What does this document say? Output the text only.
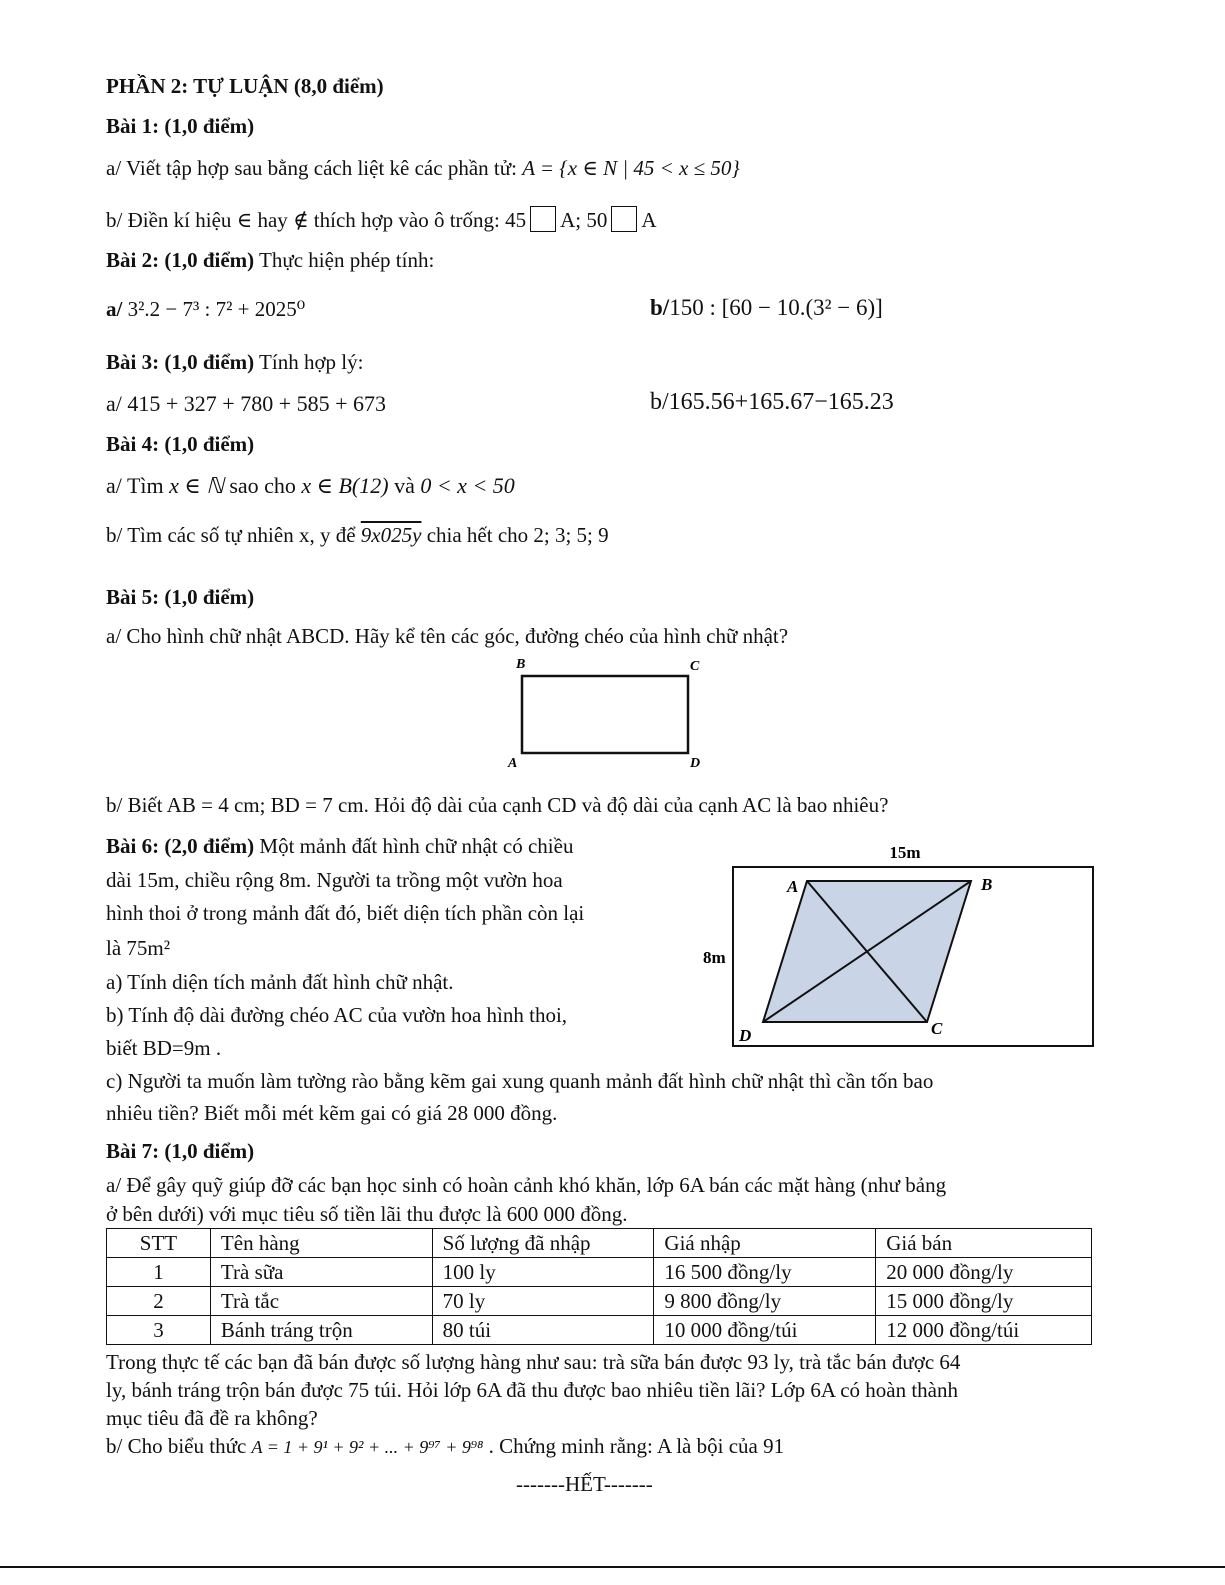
PHẦN 2: TỰ LUẬN (8,0 điểm)
Bài 1: (1,0 điểm)
a/ Viết tập hợp sau bằng cách liệt kê các phần tử: A = {x ∈ N | 45 < x ≤ 50}
b/ Điền kí hiệu ∈ hay ∉ thích hợp vào ô trống: 45 A; 50 A
Bài 2: (1,0 điểm) Thực hiện phép tính:
a/ 3².2 − 7³ : 7² + 2025⁰	b/150 : [60 − 10.(3² − 6)]
Bài 3: (1,0 điểm) Tính hợp lý:
a/ 415 + 327 + 780 + 585 + 673	b/165.56+165.67−165.23
Bài 4: (1,0 điểm)
a/ Tìm x ∈ ℕ sao cho x ∈ B(12) và 0 < x < 50
b/ Tìm các số tự nhiên x, y để 9x025y chia hết cho 2; 3; 5; 9
Bài 5: (1,0 điểm)
a/ Cho hình chữ nhật ABCD. Hãy kể tên các góc, đường chéo của hình chữ nhật?
B	C
A	D
b/ Biết AB = 4 cm; BD = 7 cm. Hỏi độ dài của cạnh CD và độ dài của cạnh AC là bao nhiêu?
Bài 6: (2,0 điểm) Một mảnh đất hình chữ nhật có chiều
dài 15m, chiều rộng 8m. Người ta trồng một vườn hoa
hình thoi ở trong mảnh đất đó, biết diện tích phần còn lại
là 75m²
a) Tính diện tích mảnh đất hình chữ nhật.
b) Tính độ dài đường chéo AC của vườn hoa hình thoi,
biết BD=9m .
15m
8m
A	B
C
D
c) Người ta muốn làm tường rào bằng kẽm gai xung quanh mảnh đất hình chữ nhật thì cần tốn bao
nhiêu tiền? Biết mỗi mét kẽm gai có giá 28 000 đồng.
Bài 7: (1,0 điểm)
a/ Để gây quỹ giúp đỡ các bạn học sinh có hoàn cảnh khó khăn, lớp 6A bán các mặt hàng (như bảng
ở bên dưới) với mục tiêu số tiền lãi thu được là 600 000 đồng.
STT	Tên hàng	Số lượng đã nhập	Giá nhập	Giá bán
1	Trà sữa	100 ly	16 500 đồng/ly	20 000 đồng/ly
2	Trà tắc	70 ly	9 800 đồng/ly	15 000 đồng/ly
3	Bánh tráng trộn	80 túi	10 000 đồng/túi	12 000 đồng/túi
Trong thực tế các bạn đã bán được số lượng hàng như sau: trà sữa bán được 93 ly, trà tắc bán được 64
ly, bánh tráng trộn bán được 75 túi. Hỏi lớp 6A đã thu được bao nhiêu tiền lãi? Lớp 6A có hoàn thành
mục tiêu đã đề ra không?
b/ Cho biểu thức A = 1 + 9¹ + 9² + ... + 9⁹⁷ + 9⁹⁸ . Chứng minh rằng: A là bội của 91
-------HẾT-------
